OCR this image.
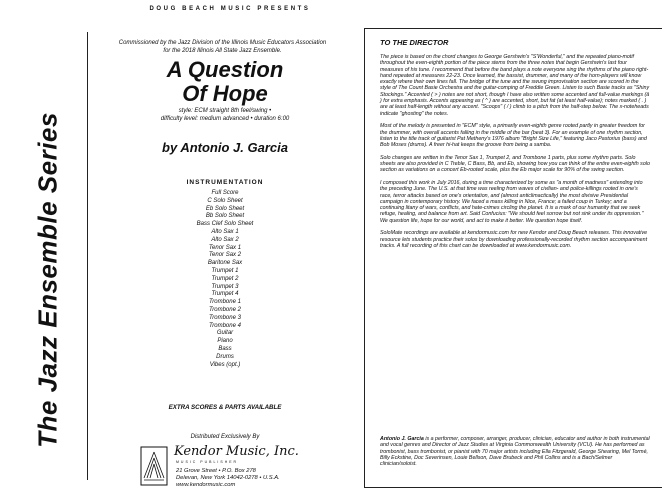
The Jazz Ensemble Series
DOUG BEACH MUSIC PRESENTS
Commissioned by the Jazz Division of the Illinois Music Educators Association
for the 2018 Illinois All State Jazz Ensemble.
A Question
Of Hope
style: ECM straight 8th feel/swing •
difficulty level: medium advanced • duration 6:00
by Antonio J. Garcia
INSTRUMENTATION
Full Score
C Solo Sheet
Eb Solo Sheet
Bb Solo Sheet
Bass Clef Solo Sheet
Alto Sax 1
Alto Sax 2
Tenor Sax 1
Tenor Sax 2
Baritone Sax
Trumpet 1
Trumpet 2
Trumpet 3
Trumpet 4
Trombone 1
Trombone 2
Trombone 3
Trombone 4
Guitar
Piano
Bass
Drums
Vibes (opt.)
EXTRA SCORES & PARTS AVAILABLE
Distributed Exclusively By
Kendor Music, Inc.
MUSIC PUBLISHER
21 Grove Street • P.O. Box 278
Delevan, New York 14042-0278 • U.S.A.
www.kendormusic.com
TO THE DIRECTOR

The piece is based on the chord changes to George Gershwin's "S'Wonderful," and the repeated piano-motif throughout the even-eighth portion of the piece stems from the three notes that begin Gershwin's last four measures of his tune. I recommend that before the band plays a note everyone sing the rhythms of the piano right-hand repeated at measures 22-23. Once learned, the bassist, drummer, and many of the horn-players will know exactly where their own lines fall. The bridge of the tune and the swung improvisation section are scored in the style of The Count Basie Orchestra and the guitar-comping of Freddie Green. Listen to such Basie tracks as "Shiny Stockings." Accented ( > ) notes are not short, though I have also written some accented and full-value markings (â ) for extra emphasis. Accents appearing as ( ^ ) are accented, short, but fat (at least half-value); notes marked ( . ) are at least half-length without any accent. "Scoops" ( / ) climb to a pitch from the half-step below. The x-noteheads indicate "ghosting" the notes.

Most of the melody is presented in "ECM" style, a primarily even-eighth genre rooted partly in greater freedom for the drummer, with overall accents falling in the middle of the bar (beat 3). For an example of one rhythm section, listen to the title track of guitarist Pat Metheny's 1976 album "Bright Size Life," featuring Jaco Pastorius (bass) and Bob Moses (drums). A freer hi-hat keeps the groove from being a samba.

Solo changes are written in the Tenor Sax 1, Trumpet 2, and Trombone 1 parts, plus some rhythm parts. Solo sheets are also provided in C Treble, C Bass, Bb, and Eb, showing how you can think of the entire even-eighth solo section as variations on a concert Eb-rooted scale, plus the Eb major scale for 90% of the swing section.

I composed this work in July 2016, during a time characterized by some as "a month of madness" extending into the preceding June. The U.S. at that time was reeling from waves of civilian- and police-killings rooted in one's race, terror attacks based on one's orientation, and (almost anticlimactically) the most divisive Presidential campaign in contemporary history. We faced a mass killing in Nice, France; a failed coup in Turkey; and a continuing litany of wars, conflicts, and hate-crimes circling the planet. It is a mark of our humanity that we seek refuge, healing, and balance from art. Said Confucius: "We should feel sorrow but not sink under its oppression." We question life, hope for our world, and act to make it better. We question hope itself.

SoloMate recordings are available at kendormusic.com for new Kendor and Doug Beach releases. This innovative resource lets students practice their solos by downloading professionally-recorded rhythm section accompaniment tracks. A full recording of this chart can be downloaded at www.kendormusic.com.

Antonio J. Garcia is a performer, composer, arranger, producer, clinician, educator and author in both instrumental and vocal genres and Director of Jazz Studies at Virginia Commonwealth University (VCU). He has performed as trombonist, bass trombonist, or pianist with 70 major artists including Ella Fitzgerald, George Shearing, Mel Tormé, Billy Eckstine, Doc Severinsen, Louie Bellson, Dave Brubeck and Phil Collins and is a Bach/Selmer clinician/soloist.
